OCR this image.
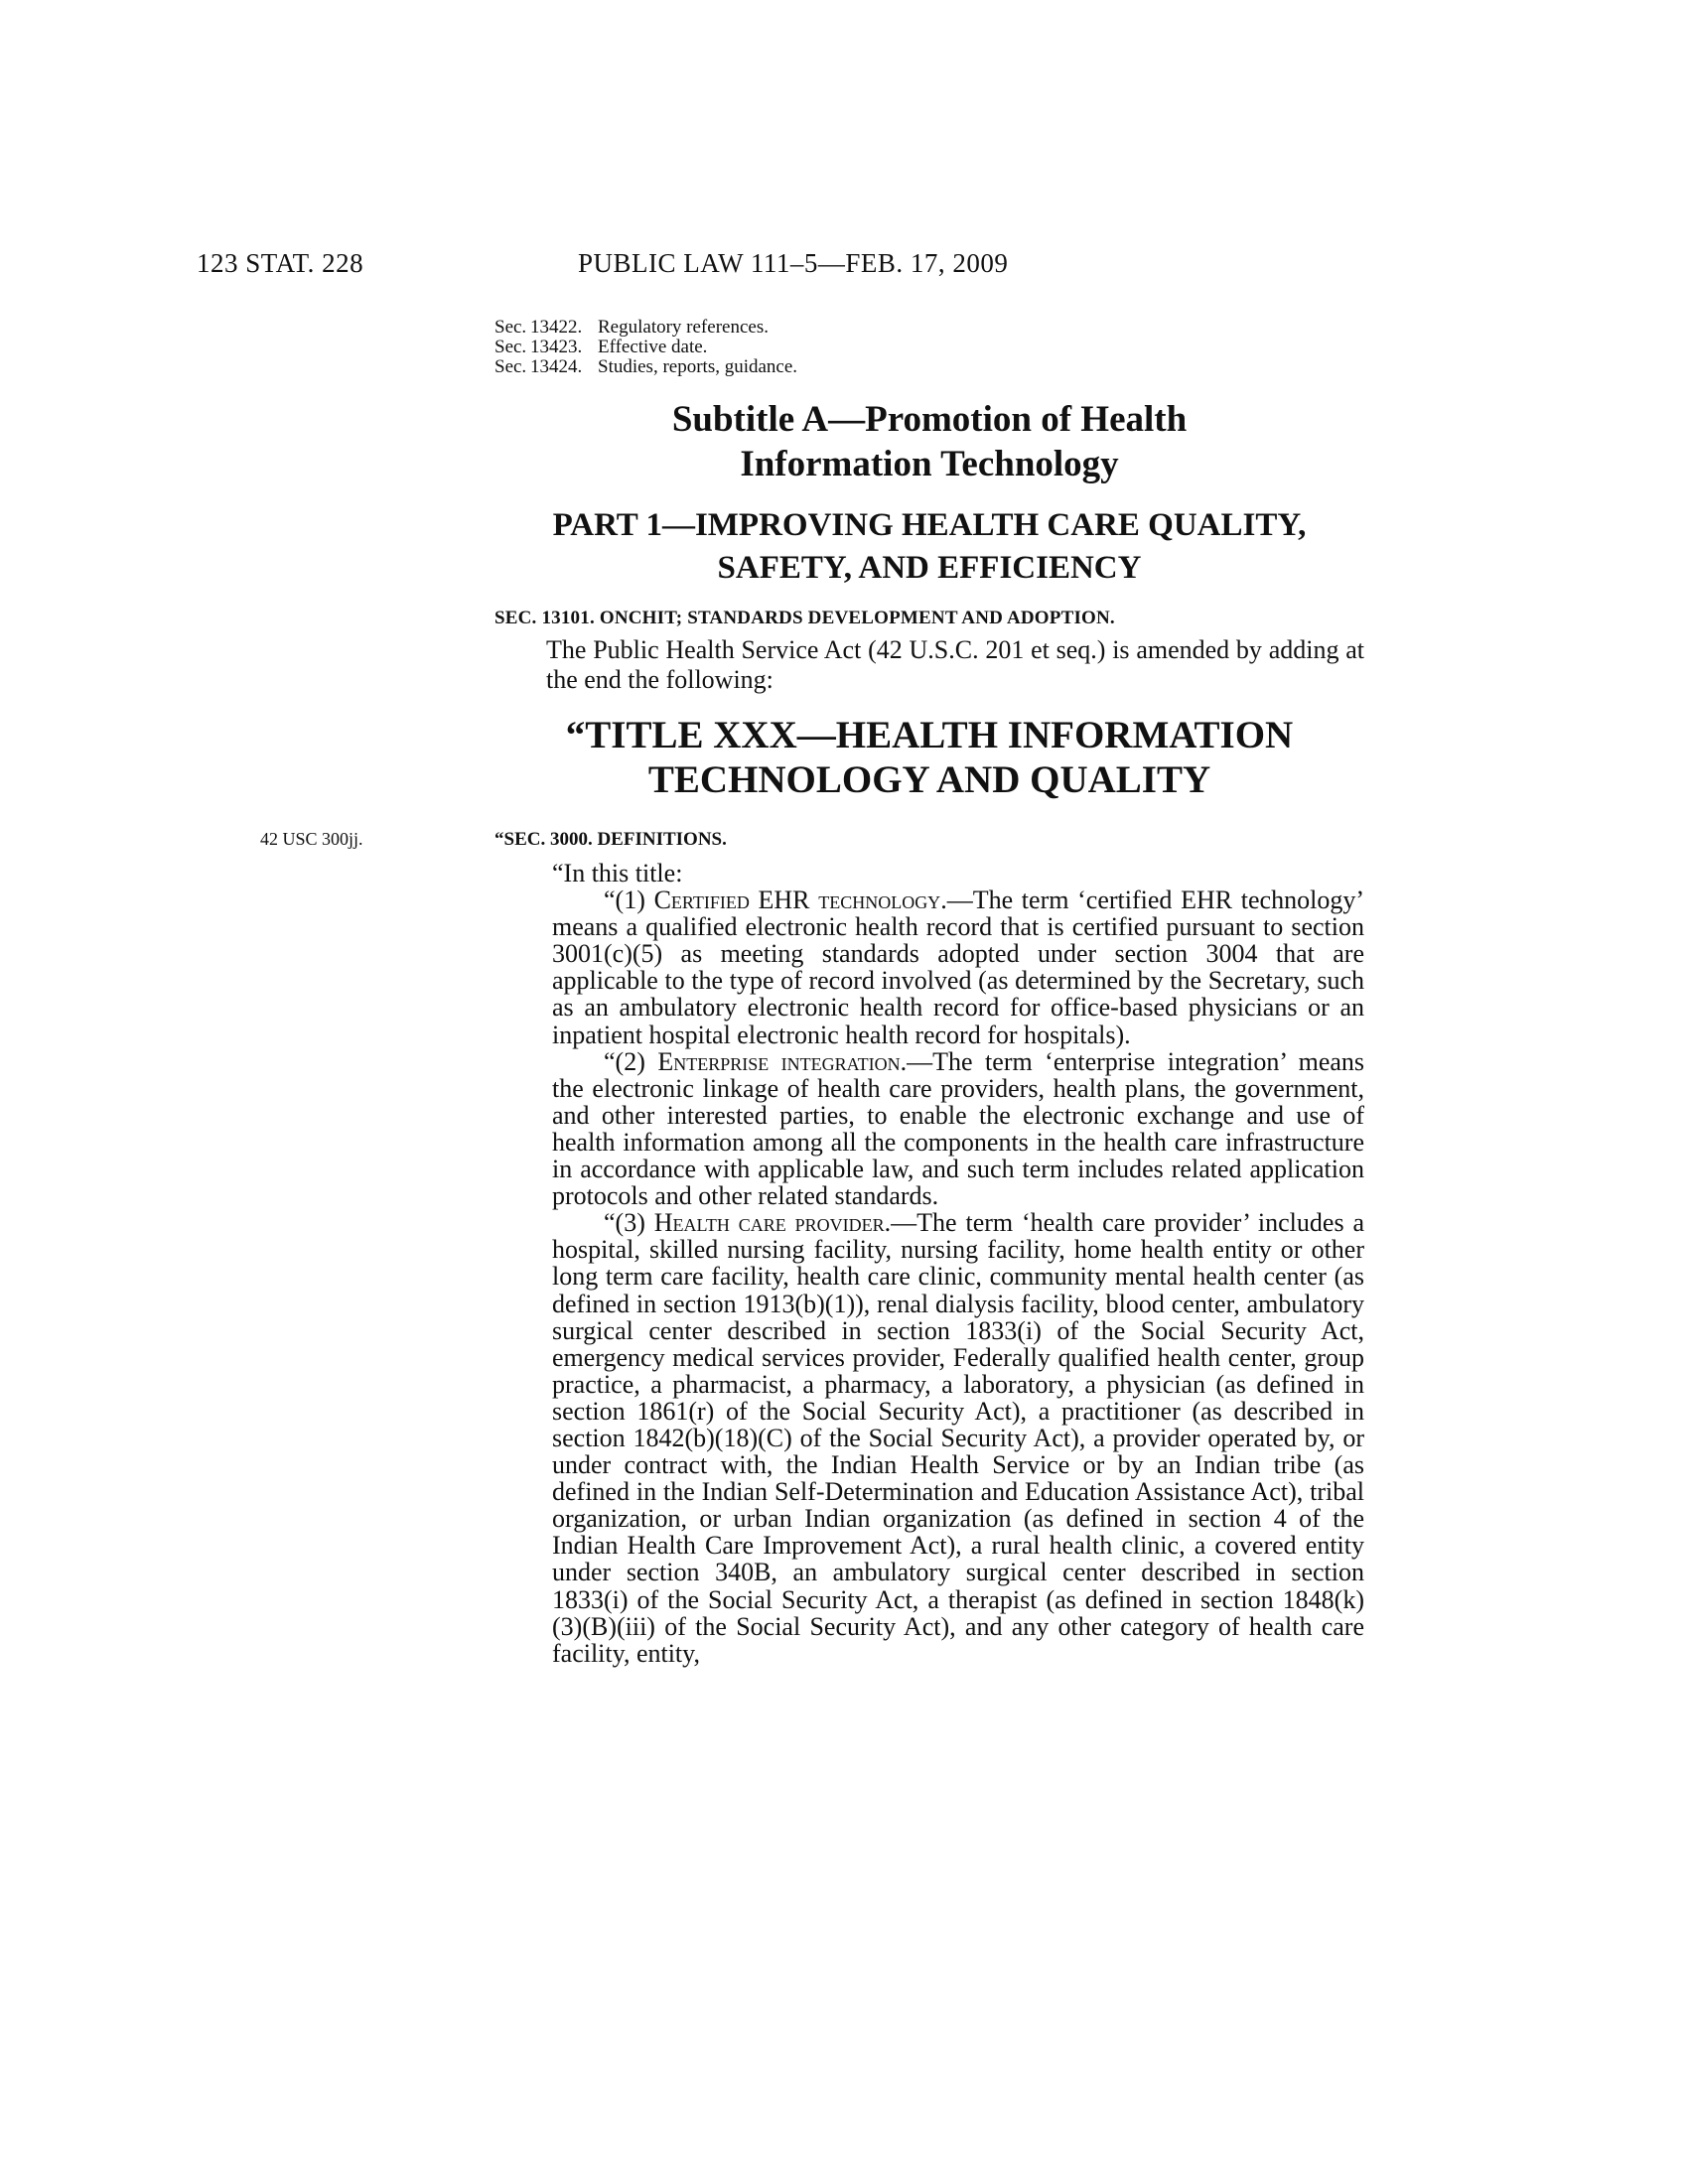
123 STAT. 228	PUBLIC LAW 111–5—FEB. 17, 2009
Sec. 13422. Regulatory references.
Sec. 13423. Effective date.
Sec. 13424. Studies, reports, guidance.
Subtitle A—Promotion of Health
Information Technology
PART 1—IMPROVING HEALTH CARE QUALITY,
SAFETY, AND EFFICIENCY
SEC. 13101. ONCHIT; STANDARDS DEVELOPMENT AND ADOPTION.
The Public Health Service Act (42 U.S.C. 201 et seq.) is amended by adding at the end the following:
“TITLE XXX—HEALTH INFORMATION
TECHNOLOGY AND QUALITY
42 USC 300jj.	“SEC. 3000. DEFINITIONS.

“In this title:

“(1) Certified EHR technology.—The term ‘certified EHR technology’ means a qualified electronic health record that is certified pursuant to section 3001(c)(5) as meeting standards adopted under section 3004 that are applicable to the type of record involved (as determined by the Secretary, such as an ambulatory electronic health record for office-based physicians or an inpatient hospital electronic health record for hospitals).

“(2) Enterprise integration.—The term ‘enterprise integration’ means the electronic linkage of health care providers, health plans, the government, and other interested parties, to enable the electronic exchange and use of health information among all the components in the health care infrastructure in accordance with applicable law, and such term includes related application protocols and other related standards.

“(3) Health care provider.—The term ‘health care provider’ includes a hospital, skilled nursing facility, nursing facility, home health entity or other long term care facility, health care clinic, community mental health center (as defined in section 1913(b)(1)), renal dialysis facility, blood center, ambulatory surgical center described in section 1833(i) of the Social Security Act, emergency medical services provider, Federally qualified health center, group practice, a pharmacist, a pharmacy, a laboratory, a physician (as defined in section 1861(r) of the Social Security Act), a practitioner (as described in section 1842(b)(18)(C) of the Social Security Act), a provider operated by, or under contract with, the Indian Health Service or by an Indian tribe (as defined in the Indian Self-Determination and Education Assistance Act), tribal organization, or urban Indian organization (as defined in section 4 of the Indian Health Care Improvement Act), a rural health clinic, a covered entity under section 340B, an ambulatory surgical center described in section 1833(i) of the Social Security Act, a therapist (as defined in section 1848(k)(3)(B)(iii) of the Social Security Act), and any other category of health care facility, entity,
